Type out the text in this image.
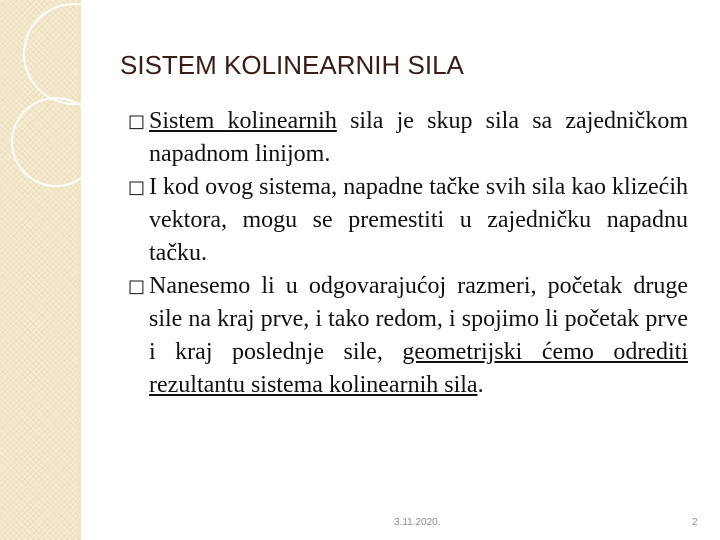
SISTEM KOLINEARNIH SILA
□ Sistem kolinearnih sila je skup sila sa zajedničkom napadnom linijom.
□ I kod ovog sistema, napadne tačke svih sila kao klizećih vektora, mogu se premestiti u zajedničku napadnu tačku.
□ Nanesemo li u odgovarajućoj razmeri, početak druge sile na kraj prve, i tako redom, i spojimo li početak prve i kraj poslednje sile, geometrijski ćemo odrediti rezultantu sistema kolinearnih sila.
3.11.2020.	2
